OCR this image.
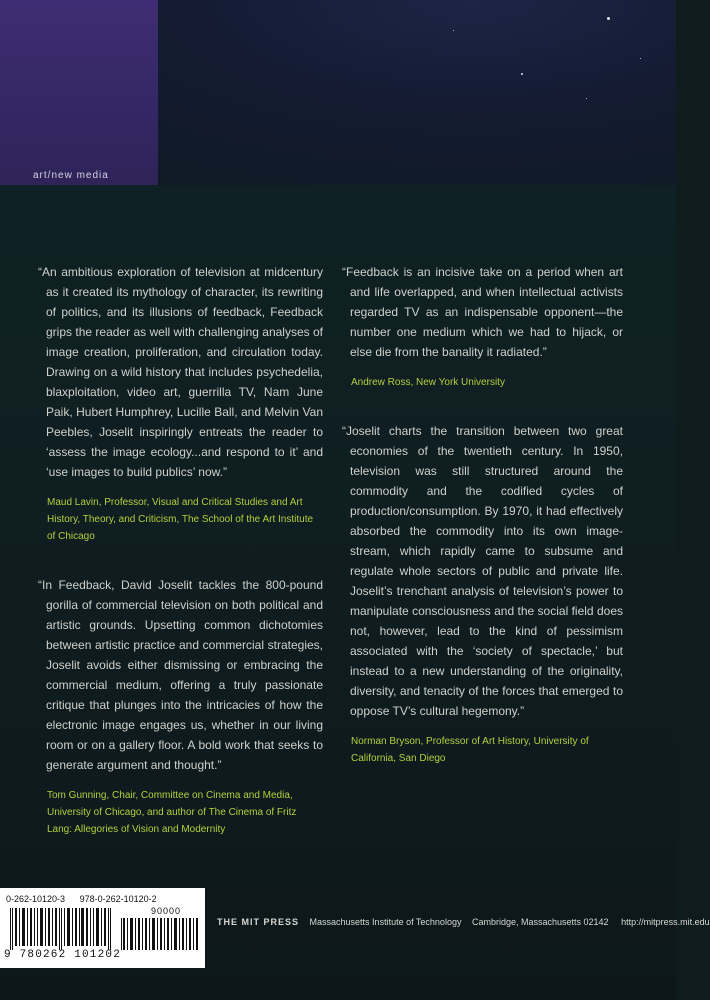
art/new media

“An ambitious exploration of television at midcentury as it created its mythology of character, its rewriting of politics, and its illusions of feedback, Feedback grips the reader as well with challenging analyses of image creation, proliferation, and circulation today. Drawing on a wild history that includes psychedelia, blaxploitation, video art, guerrilla TV, Nam June Paik, Hubert Humphrey, Lucille Ball, and Melvin Van Peebles, Joselit inspiringly entreats the reader to ‘assess the image ecology...and respond to it’ and ‘use images to build publics’ now.”

Maud Lavin, Professor, Visual and Critical Studies and Art History, Theory, and Criticism, The School of the Art Institute of Chicago

“In Feedback, David Joselit tackles the 800-pound gorilla of commercial television on both political and artistic grounds. Upsetting common dichotomies between artistic practice and commercial strategies, Joselit avoids either dismissing or embracing the commercial medium, offering a truly passionate critique that plunges into the intricacies of how the electronic image engages us, whether in our living room or on a gallery floor. A bold work that seeks to generate argument and thought.”

Tom Gunning, Chair, Committee on Cinema and Media, University of Chicago, and author of The Cinema of Fritz Lang: Allegories of Vision and Modernity

“Feedback is an incisive take on a period when art and life overlapped, and when intellectual activists regarded TV as an indispensable opponent—the number one medium which we had to hijack, or else die from the banality it radiated.”

Andrew Ross, New York University

“Joselit charts the transition between two great economies of the twentieth century. In 1950, television was still structured around the commodity and the codified cycles of production/consumption. By 1970, it had effectively absorbed the commodity into its own image-stream, which rapidly came to subsume and regulate whole sectors of public and private life. Joselit’s trenchant analysis of television’s power to manipulate consciousness and the social field does not, however, lead to the kind of pessimism associated with the ‘society of spectacle,’ but instead to a new understanding of the originality, diversity, and tenacity of the forces that emerged to oppose TV’s cultural hegemony.”

Norman Bryson, Professor of Art History, University of California, San Diego

0-262-10120-3 978-0-262-10120-2
90000
9 780262 101202
THE MIT PRESS Massachusetts Institute of Technology Cambridge, Massachusetts 02142 http://mitpress.mit.edu
